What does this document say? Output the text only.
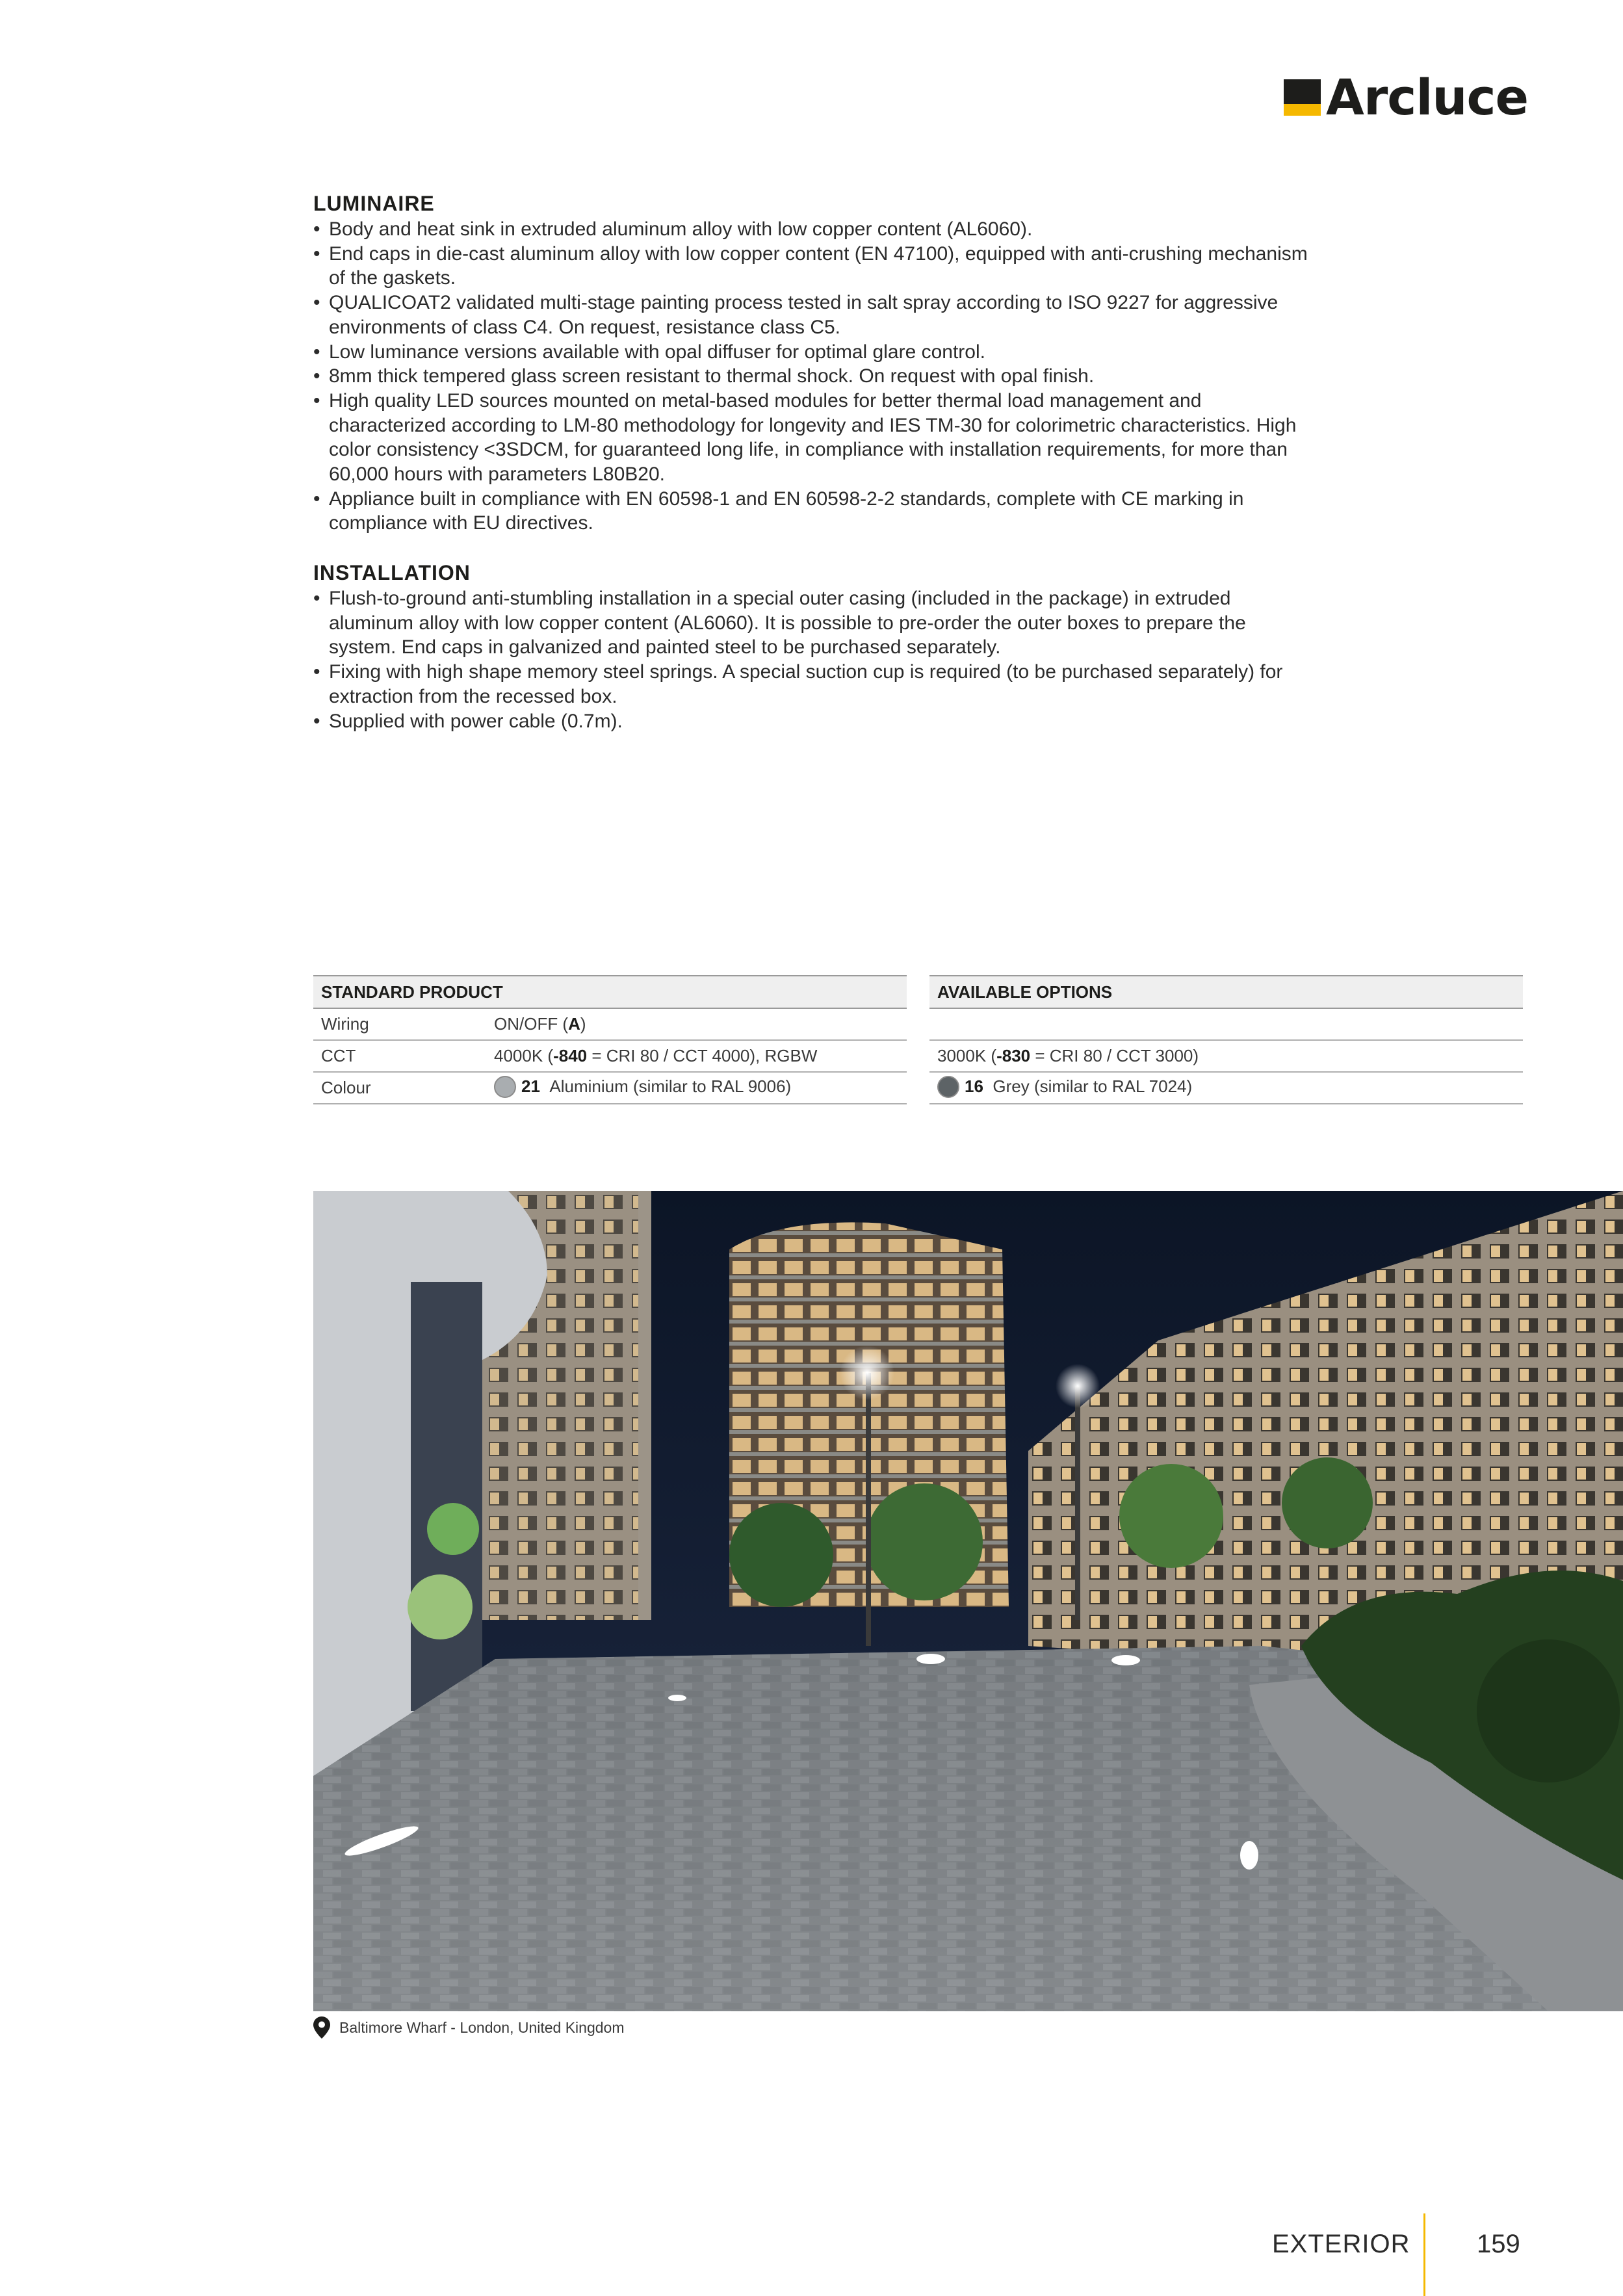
Arcluce
LUMINAIRE
• Body and heat sink in extruded aluminum alloy with low copper content (AL6060).
• End caps in die-cast aluminum alloy with low copper content (EN 47100), equipped with anti-crushing mechanism of the gaskets.
• QUALICOAT2 validated multi-stage painting process tested in salt spray according to ISO 9227 for aggressive environments of class C4. On request, resistance class C5.
• Low luminance versions available with opal diffuser for optimal glare control.
• 8mm thick tempered glass screen resistant to thermal shock. On request with opal finish.
• High quality LED sources mounted on metal-based modules for better thermal load management and characterized according to LM-80 methodology for longevity and IES TM-30 for colorimetric characteristics. High color consistency <3SDCM, for guaranteed long life, in compliance with installation requirements, for more than 60,000 hours with parameters L80B20.
• Appliance built in compliance with EN 60598-1 and EN 60598-2-2 standards, complete with CE marking in compliance with EU directives.
INSTALLATION
• Flush-to-ground anti-stumbling installation in a special outer casing (included in the package) in extruded aluminum alloy with low copper content (AL6060). It is possible to pre-order the outer boxes to prepare the system. End caps in galvanized and painted steel to be purchased separately.
• Fixing with high shape memory steel springs. A special suction cup is required (to be purchased separately) for extraction from the recessed box.
• Supplied with power cable (0.7m).
STANDARD PRODUCT	
Wiring	ON/OFF (A)
CCT	4000K (-840 = CRI 80 / CCT 4000), RGBW
Colour	21 Aluminium (similar to RAL 9006)
AVAILABLE OPTIONS

3000K (-830 = CRI 80 / CCT 3000)
16 Grey (similar to RAL 7024)
Baltimore Wharf - London, United Kingdom
EXTERIOR	159
